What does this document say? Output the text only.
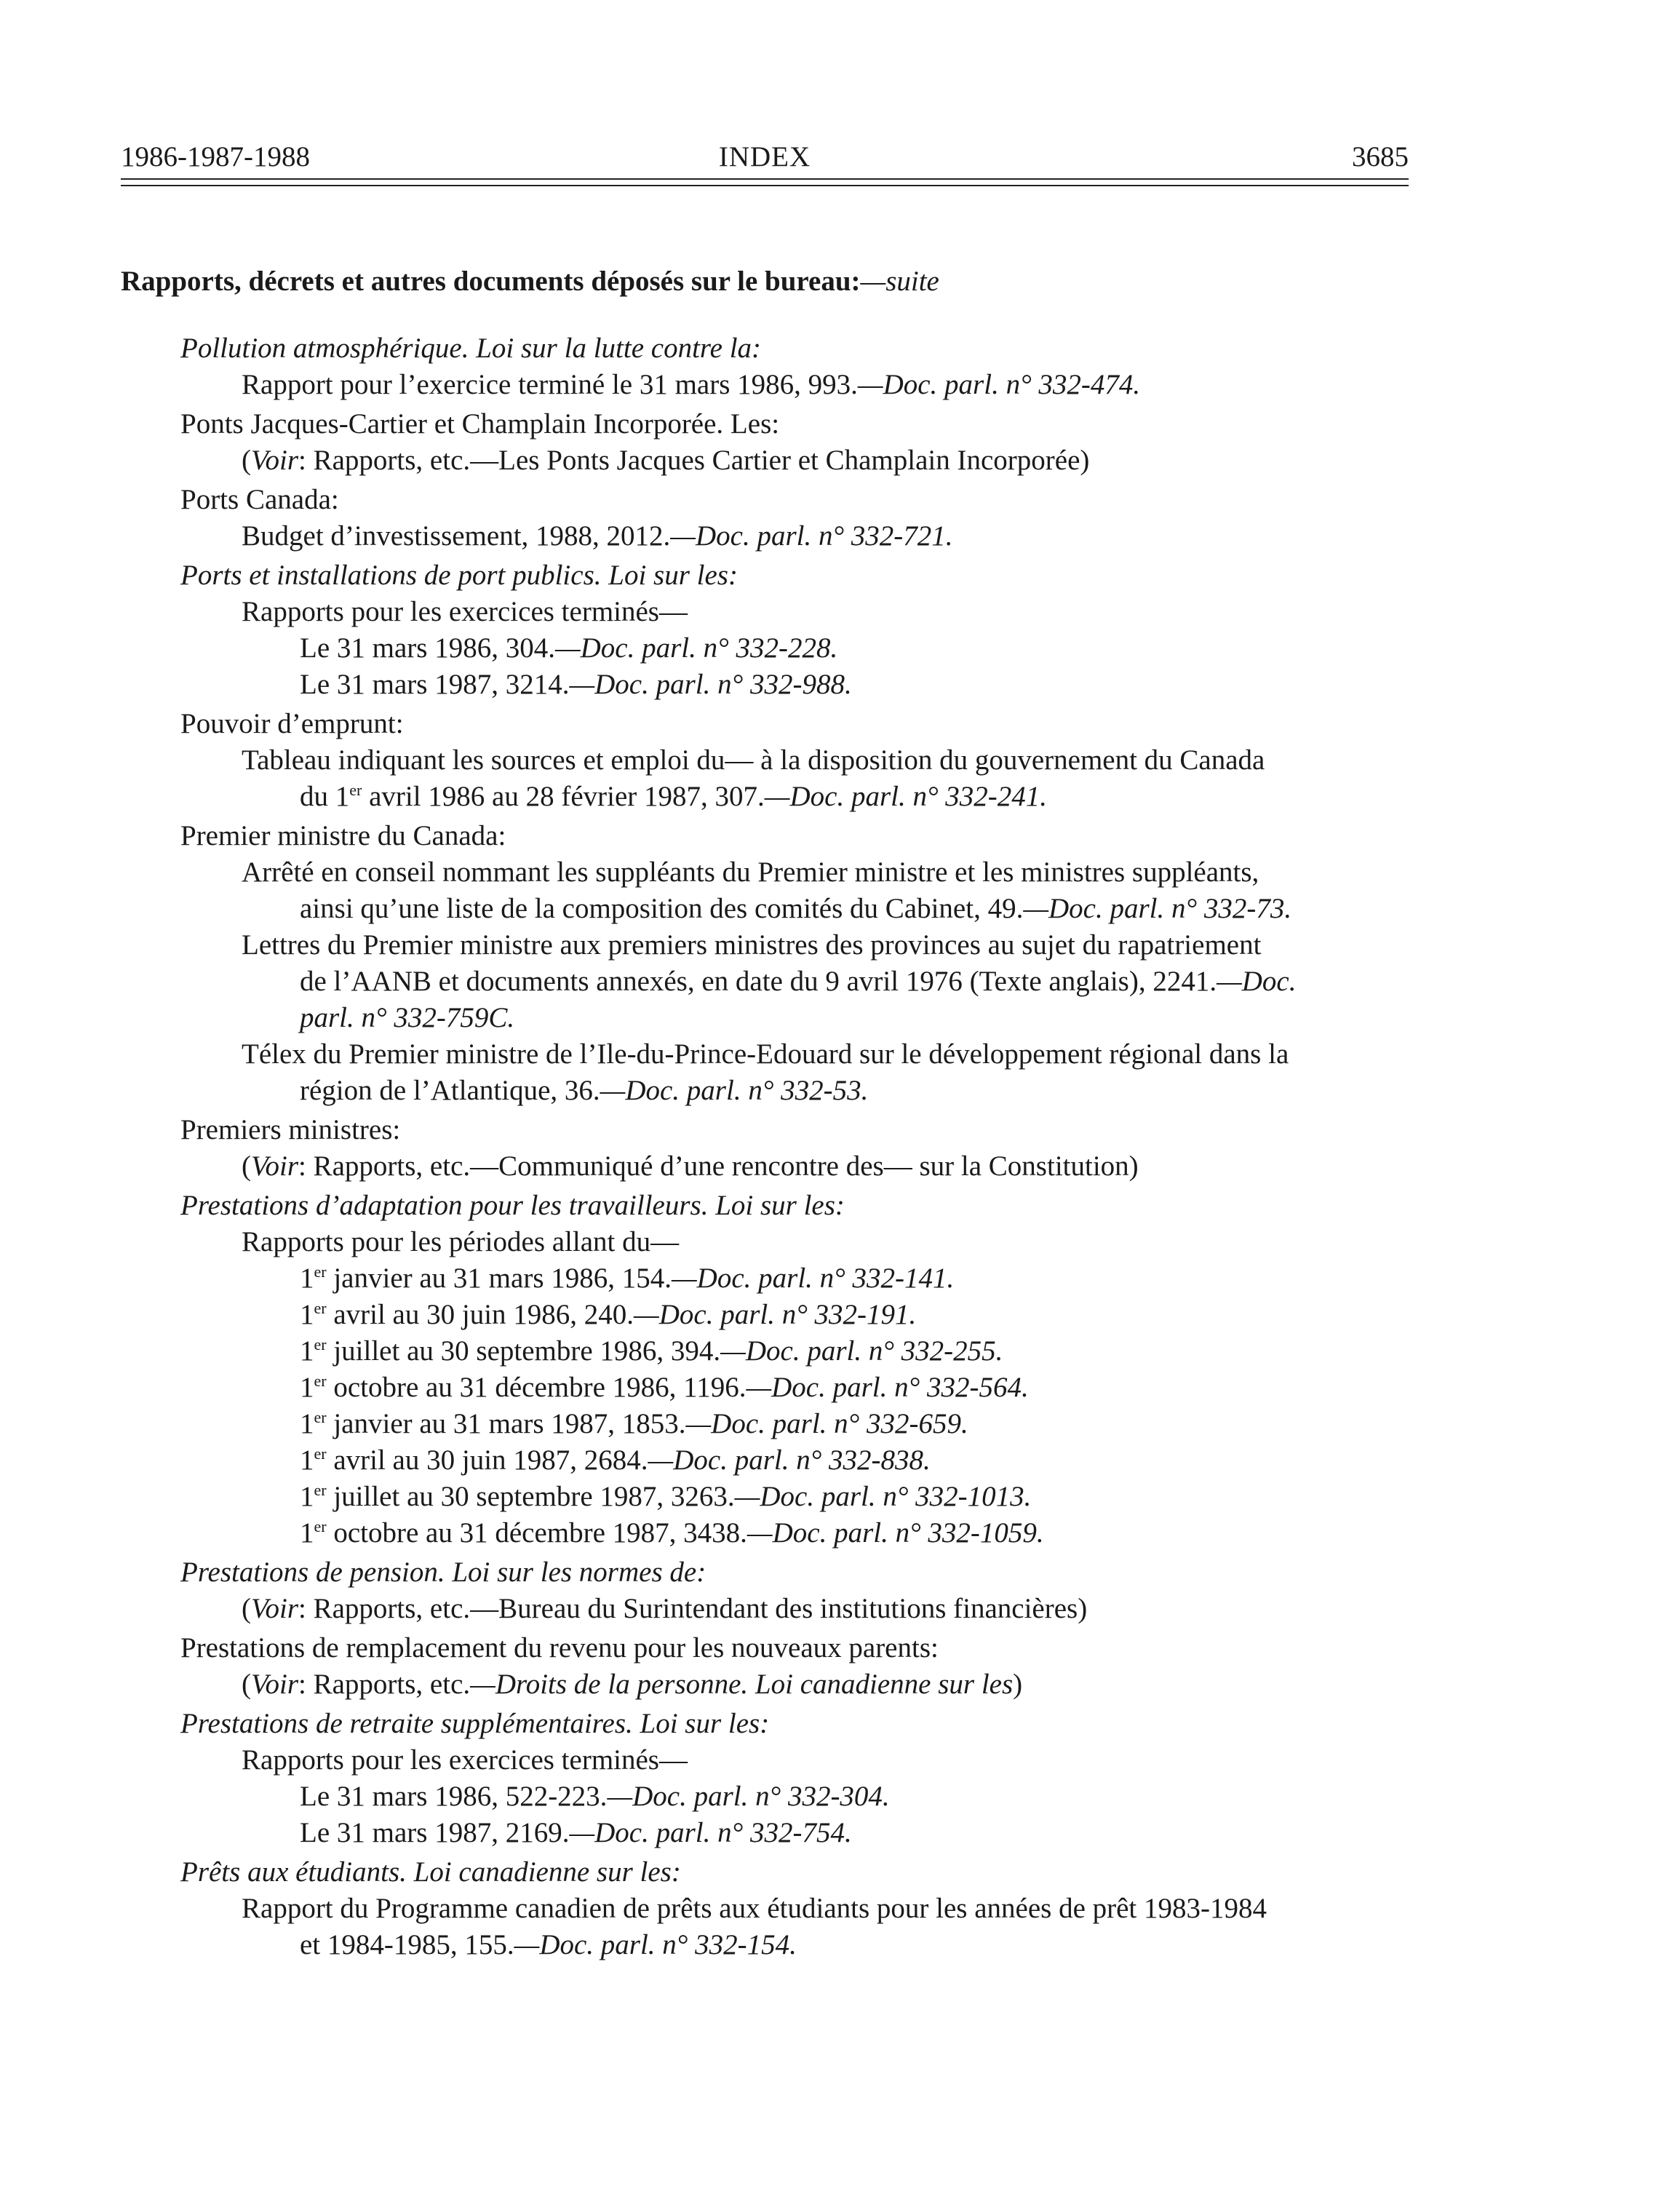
1986-1987-1988	INDEX	3685
Rapports, décrets et autres documents déposés sur le bureau:—suite
Pollution atmosphérique. Loi sur la lutte contre la:
Rapport pour l’exercice terminé le 31 mars 1986, 993.—Doc. parl. n° 332-474.
Ponts Jacques-Cartier et Champlain Incorporée. Les:
(Voir: Rapports, etc.—Les Ponts Jacques Cartier et Champlain Incorporée)
Ports Canada:
Budget d’investissement, 1988, 2012.—Doc. parl. n° 332-721.
Ports et installations de port publics. Loi sur les:
Rapports pour les exercices terminés—
Le 31 mars 1986, 304.—Doc. parl. n° 332-228.
Le 31 mars 1987, 3214.—Doc. parl. n° 332-988.
Pouvoir d’emprunt:
Tableau indiquant les sources et emploi du— à la disposition du gouvernement du Canada
du 1er avril 1986 au 28 février 1987, 307.—Doc. parl. n° 332-241.
Premier ministre du Canada:
Arrêté en conseil nommant les suppléants du Premier ministre et les ministres suppléants,
ainsi qu’une liste de la composition des comités du Cabinet, 49.—Doc. parl. n° 332-73.
Lettres du Premier ministre aux premiers ministres des provinces au sujet du rapatriement
de l’AANB et documents annexés, en date du 9 avril 1976 (Texte anglais), 2241.—Doc.
parl. n° 332-759C.
Télex du Premier ministre de l’Ile-du-Prince-Edouard sur le développement régional dans la
région de l’Atlantique, 36.—Doc. parl. n° 332-53.
Premiers ministres:
(Voir: Rapports, etc.—Communiqué d’une rencontre des— sur la Constitution)
Prestations d’adaptation pour les travailleurs. Loi sur les:
Rapports pour les périodes allant du—
1er janvier au 31 mars 1986, 154.—Doc. parl. n° 332-141.
1er avril au 30 juin 1986, 240.—Doc. parl. n° 332-191.
1er juillet au 30 septembre 1986, 394.—Doc. parl. n° 332-255.
1er octobre au 31 décembre 1986, 1196.—Doc. parl. n° 332-564.
1er janvier au 31 mars 1987, 1853.—Doc. parl. n° 332-659.
1er avril au 30 juin 1987, 2684.—Doc. parl. n° 332-838.
1er juillet au 30 septembre 1987, 3263.—Doc. parl. n° 332-1013.
1er octobre au 31 décembre 1987, 3438.—Doc. parl. n° 332-1059.
Prestations de pension. Loi sur les normes de:
(Voir: Rapports, etc.—Bureau du Surintendant des institutions financières)
Prestations de remplacement du revenu pour les nouveaux parents:
(Voir: Rapports, etc.—Droits de la personne. Loi canadienne sur les)
Prestations de retraite supplémentaires. Loi sur les:
Rapports pour les exercices terminés—
Le 31 mars 1986, 522-223.—Doc. parl. n° 332-304.
Le 31 mars 1987, 2169.—Doc. parl. n° 332-754.
Prêts aux étudiants. Loi canadienne sur les:
Rapport du Programme canadien de prêts aux étudiants pour les années de prêt 1983-1984
et 1984-1985, 155.—Doc. parl. n° 332-154.
